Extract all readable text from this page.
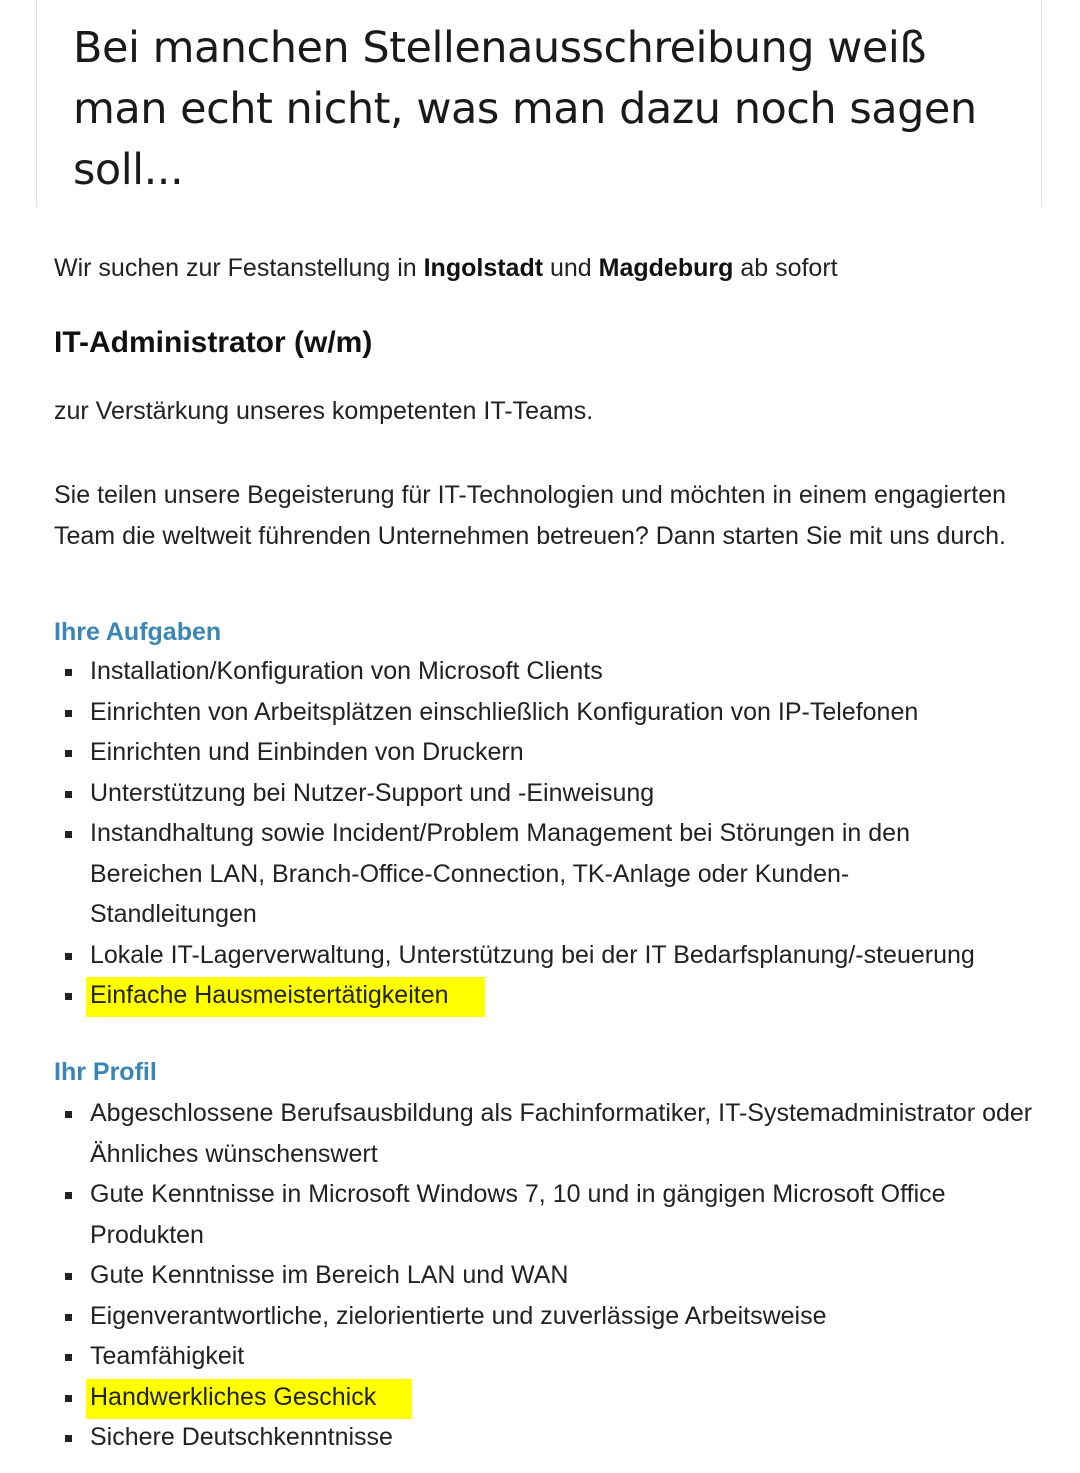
Bei manchen Stellenausschreibung weiß man echt nicht, was man dazu noch sagen soll...

Wir suchen zur Festanstellung in Ingolstadt und Magdeburg ab sofort

IT-Administrator (w/m)

zur Verstärkung unseres kompetenten IT-Teams.

Sie teilen unsere Begeisterung für IT-Technologien und möchten in einem engagierten Team die weltweit führenden Unternehmen betreuen? Dann starten Sie mit uns durch.

Ihre Aufgaben
Installation/Konfiguration von Microsoft Clients
Einrichten von Arbeitsplätzen einschließlich Konfiguration von IP-Telefonen
Einrichten und Einbinden von Druckern
Unterstützung bei Nutzer-Support und -Einweisung
Instandhaltung sowie Incident/Problem Management bei Störungen in den Bereichen LAN, Branch-Office-Connection, TK-Anlage oder Kunden-Standleitungen
Lokale IT-Lagerverwaltung, Unterstützung bei der IT Bedarfsplanung/-steuerung
Einfache Hausmeistertätigkeiten
Ihr Profil
Abgeschlossene Berufsausbildung als Fachinformatiker, IT-Systemadministrator oder Ähnliches wünschenswert
Gute Kenntnisse in Microsoft Windows 7, 10 und in gängigen Microsoft Office Produkten
Gute Kenntnisse im Bereich LAN und WAN
Eigenverantwortliche, zielorientierte und zuverlässige Arbeitsweise
Teamfähigkeit
Handwerkliches Geschick
Sichere Deutschkenntnisse
